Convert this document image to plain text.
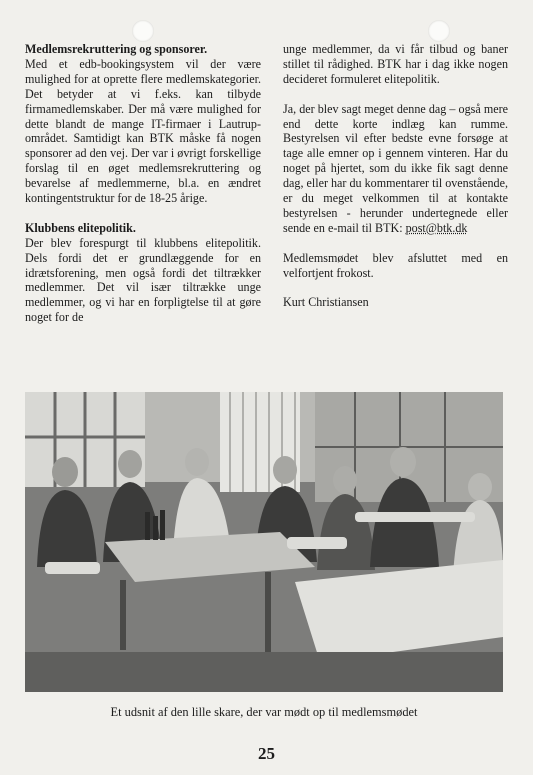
Medlemsrekruttering og sponsorer.

Med et edb-bookingsystem vil der være mulighed for at oprette flere medlemskategorier. Det betyder at vi f.eks. kan tilbyde firmamedlemskaber. Der må være mulighed for dette blandt de mange IT-firmaer i Lautrup-området. Samtidigt kan BTK måske få nogen sponsorer ad den vej. Der var i øvrigt forskellige forslag til en øget medlemsrekruttering og bevarelse af medlemmerne, bl.a. en ændret kontingentstruktur for de 18-25 årige.

Klubbens elitepolitik.

Der blev forespurgt til klubbens elitepolitik. Dels fordi det er grundlæggende for en idrætsforening, men også fordi det tiltrækker medlemmer. Det vil især tiltrække unge medlemmer, og vi har en forpligtelse til at gøre noget for de

unge medlemmer, da vi får tilbud og baner stillet til rådighed. BTK har i dag ikke nogen decideret formuleret elitepolitik.

Ja, der blev sagt meget denne dag – også mere end dette korte indlæg kan rumme. Bestyrelsen vil efter bedste evne forsøge at tage alle emner op i gennem vinteren. Har du noget på hjertet, som du ikke fik sagt denne dag, eller har du kommentarer til ovenstående, er du meget velkommen til at kontakte bestyrelsen - herunder undertegnede eller sende en e-mail til BTK: post@btk.dk

Medlemsmødet blev afsluttet med en velfortjent frokost.

Kurt Christiansen

Et udsnit af den lille skare, der var mødt op til medlemsmødet
25
